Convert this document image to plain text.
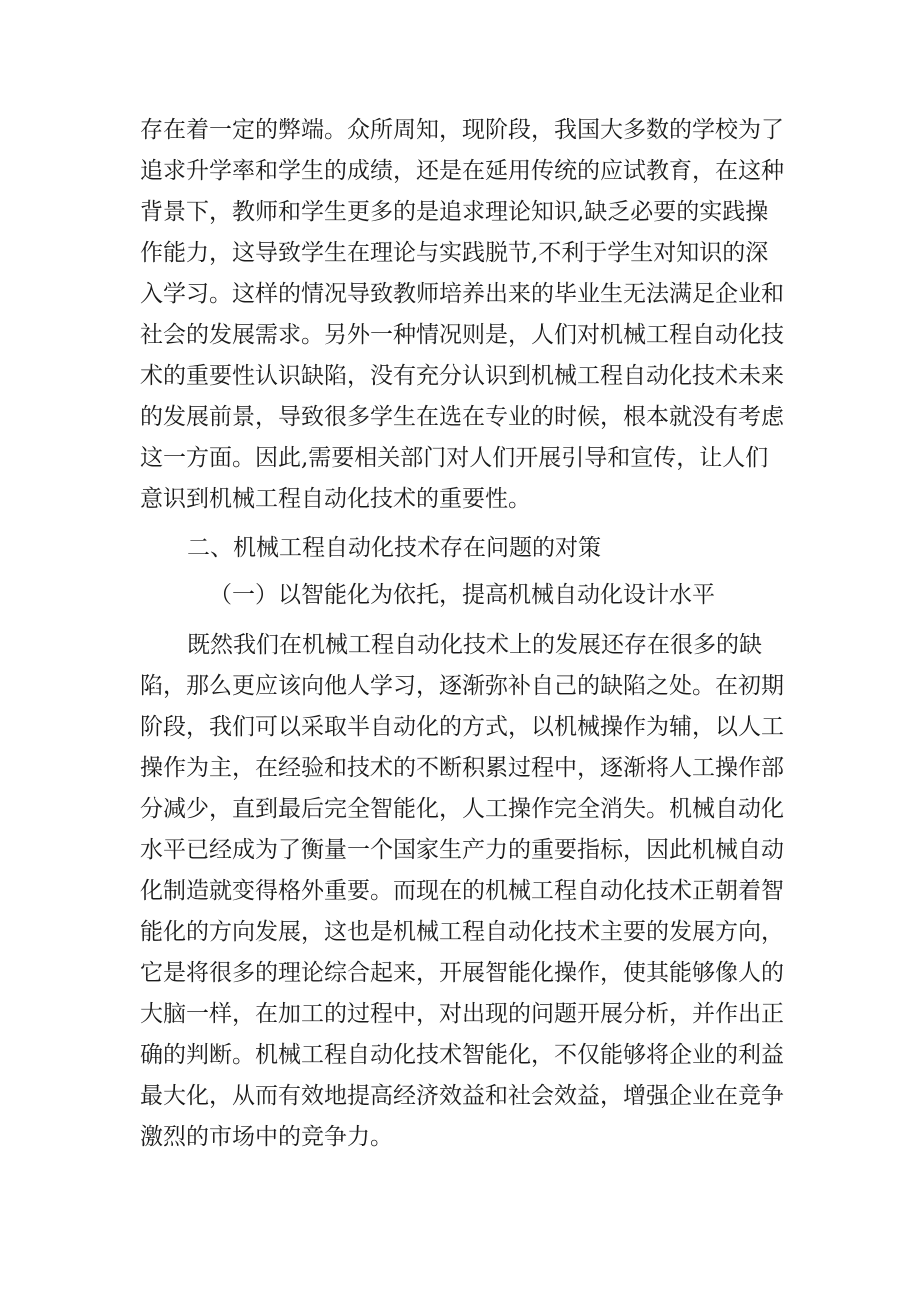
存在着一定的弊端。众所周知，现阶段，我国大多数的学校为了
追求升学率和学生的成绩，还是在延用传统的应试教育，在这种
背景下，教师和学生更多的是追求理论知识,缺乏必要的实践操
作能力，这导致学生在理论与实践脱节,不利于学生对知识的深
入学习。这样的情况导致教师培养出来的毕业生无法满足企业和
社会的发展需求。另外一种情况则是，人们对机械工程自动化技
术的重要性认识缺陷，没有充分认识到机械工程自动化技术未来
的发展前景，导致很多学生在选在专业的时候，根本就没有考虑
这一方面。因此,需要相关部门对人们开展引导和宣传，让人们
意识到机械工程自动化技术的重要性。
二、机械工程自动化技术存在问题的对策
（一）以智能化为依托，提高机械自动化设计水平
既然我们在机械工程自动化技术上的发展还存在很多的缺
陷，那么更应该向他人学习，逐渐弥补自己的缺陷之处。在初期
阶段，我们可以采取半自动化的方式，以机械操作为辅，以人工
操作为主，在经验和技术的不断积累过程中，逐渐将人工操作部
分减少，直到最后完全智能化，人工操作完全消失。机械自动化
水平已经成为了衡量一个国家生产力的重要指标，因此机械自动
化制造就变得格外重要。而现在的机械工程自动化技术正朝着智
能化的方向发展，这也是机械工程自动化技术主要的发展方向，
它是将很多的理论综合起来，开展智能化操作，使其能够像人的
大脑一样，在加工的过程中，对出现的问题开展分析，并作出正
确的判断。机械工程自动化技术智能化，不仅能够将企业的利益
最大化，从而有效地提高经济效益和社会效益，增强企业在竞争
激烈的市场中的竞争力。
